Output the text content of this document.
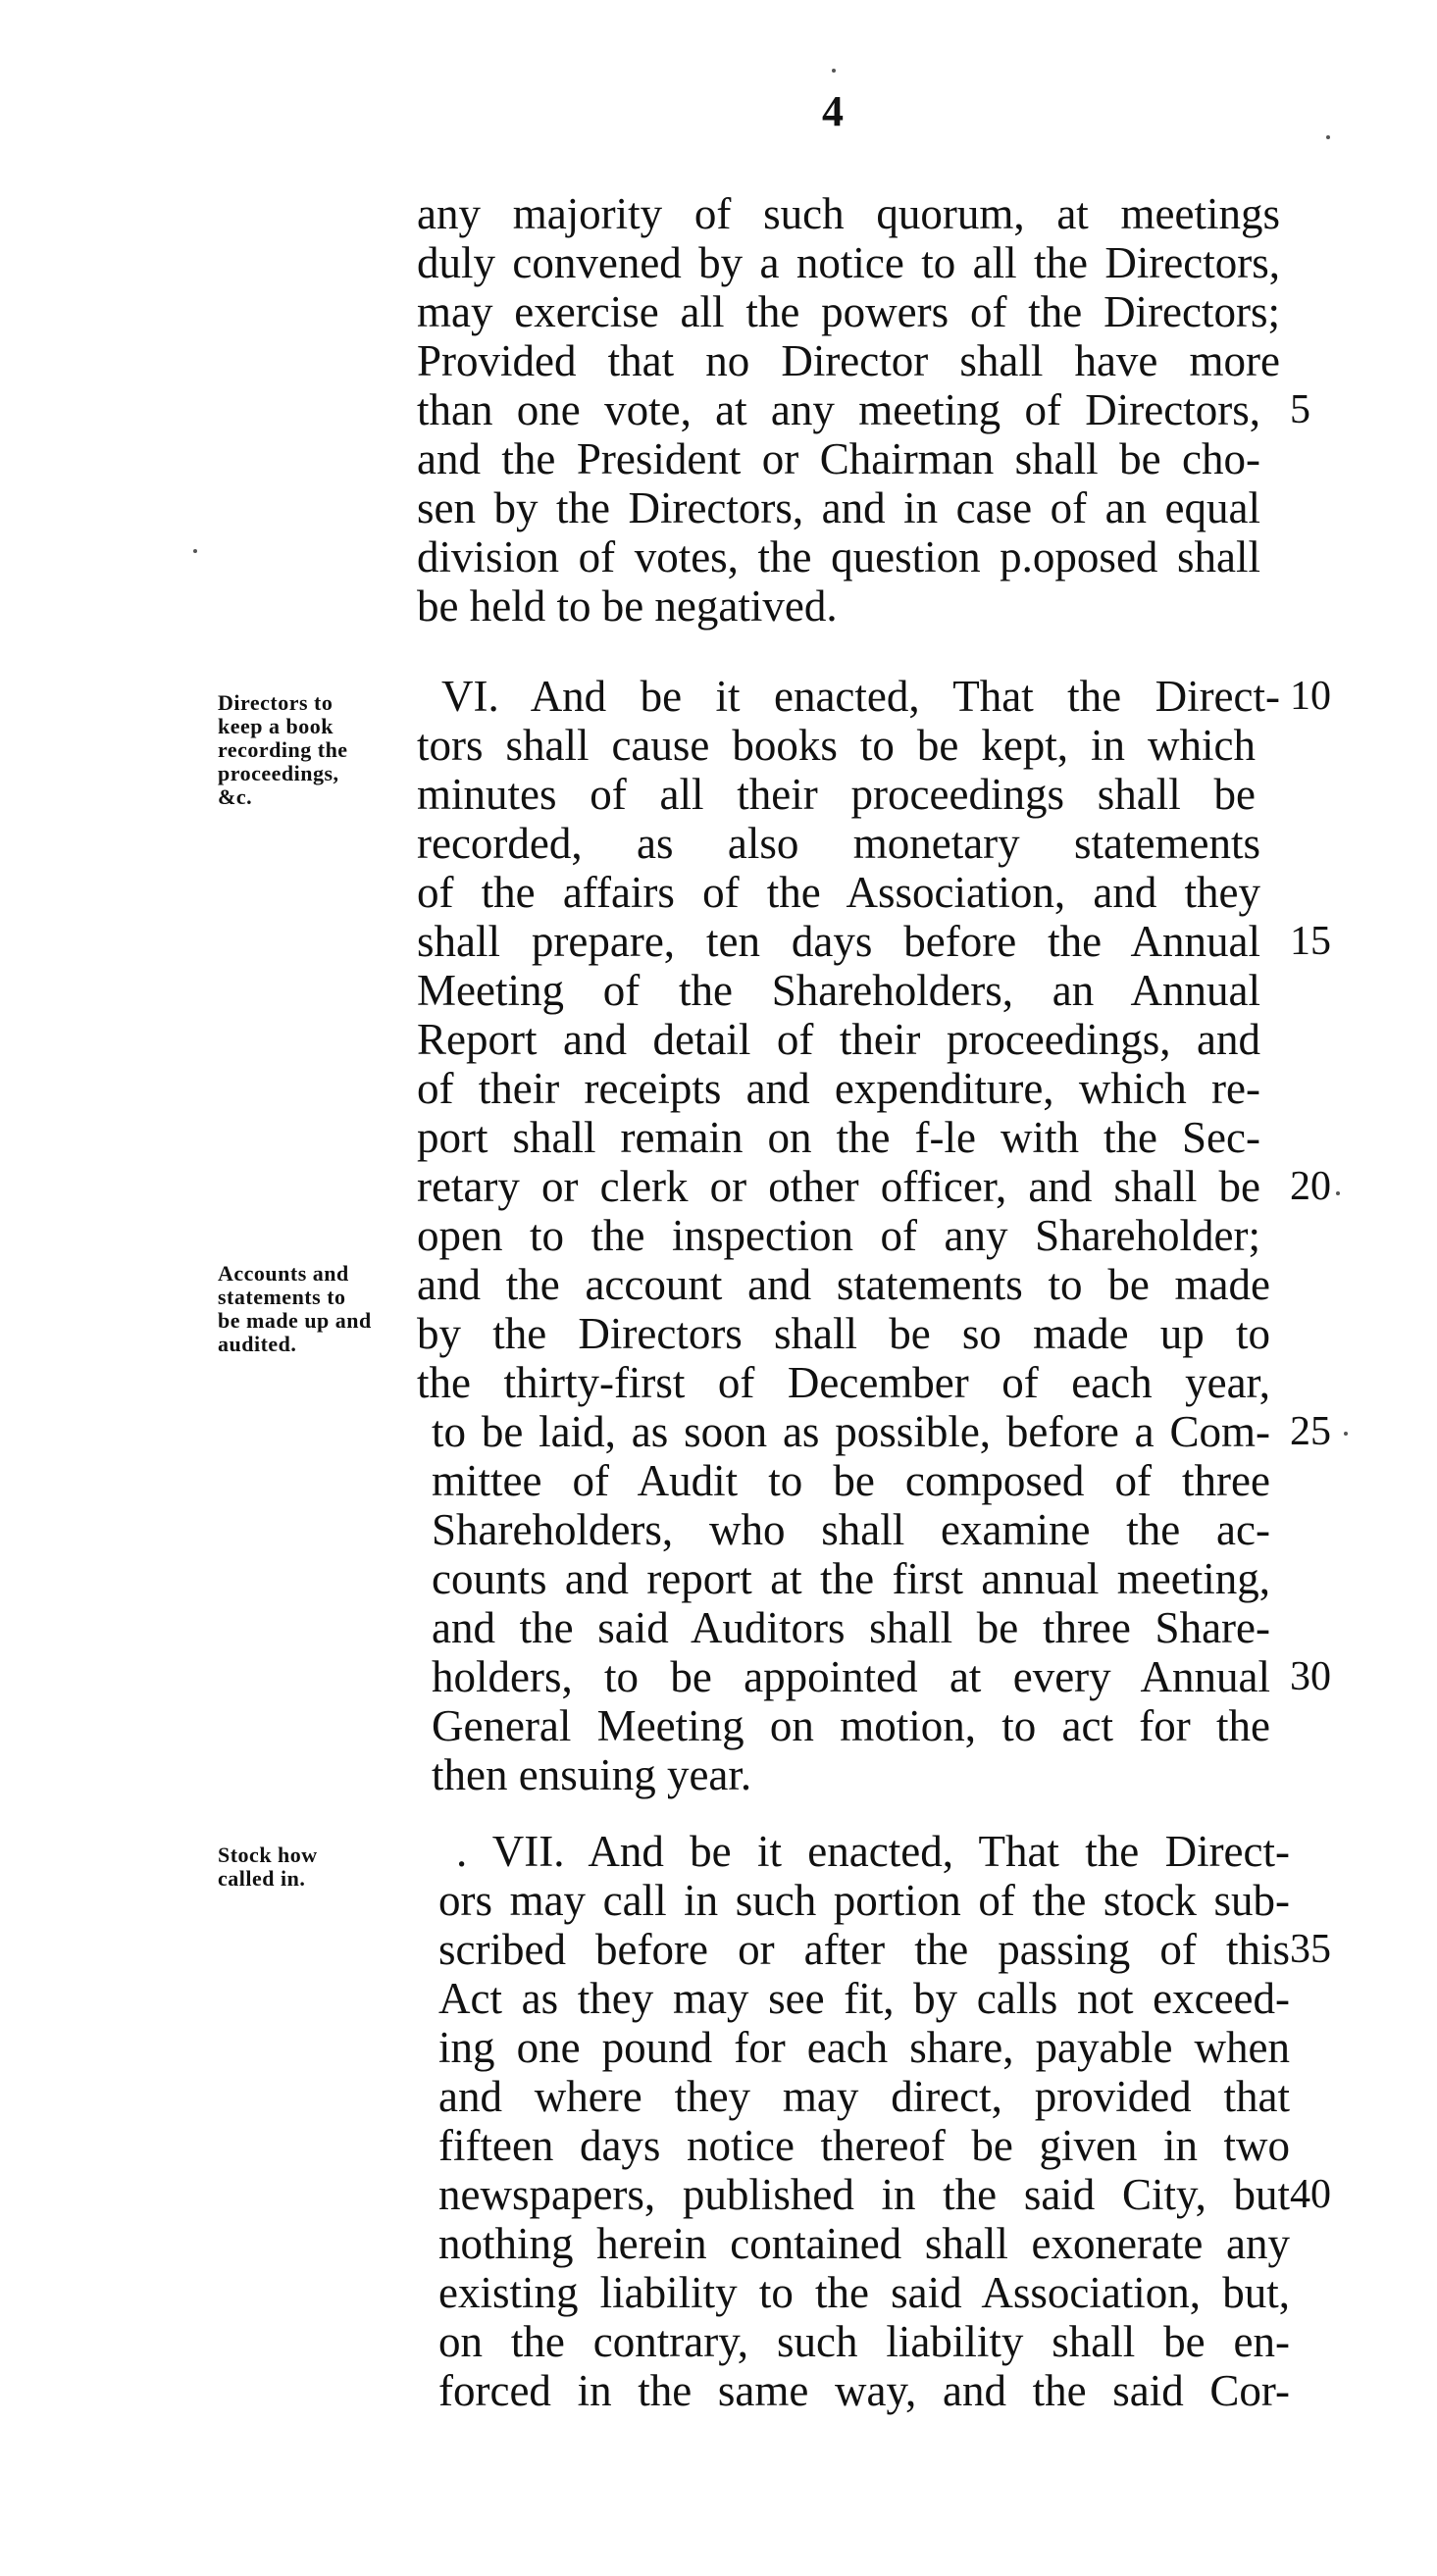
4
any majority of such quorum, at meetings
duly convened by a notice to all the Directors,
may exercise all the powers of the Directors;
Provided that no Director shall have more
than one vote, at any meeting of Directors,
and the President or Chairman shall be cho-
sen by the Directors, and in case of an equal
division of votes, the question p.oposed shall
be held to be negatived.
VI. And be it enacted, That the Direct-
tors shall cause books to be kept, in which
minutes of all their proceedings shall be
recorded, as also monetary statements
of the affairs of the Association, and they
shall prepare, ten days before the Annual
Meeting of the Shareholders, an Annual
Report and detail of their proceedings, and
of their receipts and expenditure, which re-
port shall remain on the f-le with the Sec-
retary or clerk or other officer, and shall be
open to the inspection of any Shareholder;
and the account and statements to be made
by the Directors shall be so made up to
the thirty-first of December of each year,
to be laid, as soon as possible, before a Com-
mittee of Audit to be composed of three
Shareholders, who shall examine the ac-
counts and report at the first annual meeting,
and the said Auditors shall be three Share-
holders, to be appointed at every Annual
General Meeting on motion, to act for the
then ensuing year.
. VII. And be it enacted, That the Direct-
ors may call in such portion of the stock sub-
scribed before or after the passing of this
Act as they may see fit, by calls not exceed-
ing one pound for each share, payable when
and where they may direct, provided that
fifteen days notice thereof be given in two
newspapers, published in the said City, but
nothing herein contained shall exonerate any
existing liability to the said Association, but,
on the contrary, such liability shall be en-
forced in the same way, and the said Cor-
5
10
15
20
25
30
35
40
Directors to
keep a book
recording the
proceedings,
&c.
Accounts and
statements to
be made up and
audited.
Stock how
called in.
